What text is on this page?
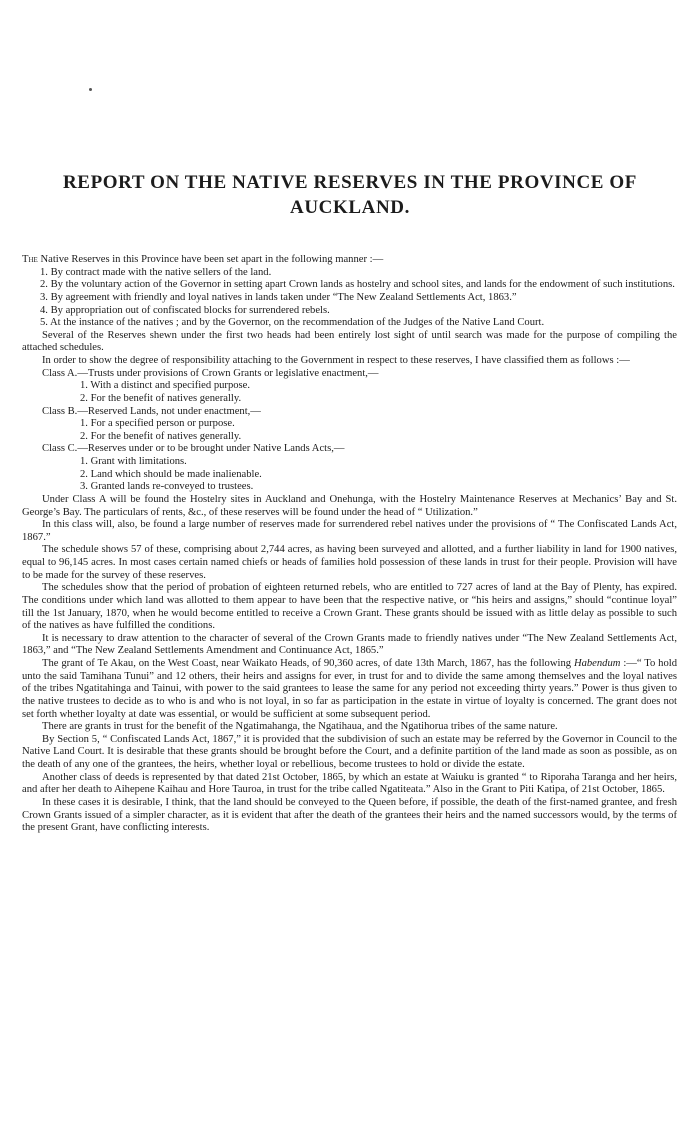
REPORT ON THE NATIVE RESERVES IN THE PROVINCE OF
AUCKLAND.

The Native Reserves in this Province have been set apart in the following manner :—

1. By contract made with the native sellers of the land.

2. By the voluntary action of the Governor in setting apart Crown lands as hostelry and school sites, and lands for the endowment of such institutions.

3. By agreement with friendly and loyal natives in lands taken under “The New Zealand Settlements Act, 1863.”

4. By appropriation out of confiscated blocks for surrendered rebels.

5. At the instance of the natives ; and by the Governor, on the recommendation of the Judges of the Native Land Court.

Several of the Reserves shewn under the first two heads had been entirely lost sight of until search was made for the purpose of compiling the attached schedules.

In order to show the degree of responsibility attaching to the Government in respect to these reserves, I have classified them as follows :—

Class A.—Trusts under provisions of Crown Grants or legislative enactment,—

1. With a distinct and specified purpose.

2. For the benefit of natives generally.

Class B.—Reserved Lands, not under enactment,—

1. For a specified person or purpose.

2. For the benefit of natives generally.

Class C.—Reserves under or to be brought under Native Lands Acts,—

1. Grant with limitations.

2. Land which should be made inalienable.

3. Granted lands re-conveyed to trustees.

Under Class A will be found the Hostelry sites in Auckland and Onehunga, with the Hostelry Maintenance Reserves at Mechanics’ Bay and St. George’s Bay. The particulars of rents, &c., of these reserves will be found under the head of “ Utilization.”

In this class will, also, be found a large number of reserves made for surrendered rebel natives under the provisions of “ The Confiscated Lands Act, 1867.”

The schedule shows 57 of these, comprising about 2,744 acres, as having been surveyed and allotted, and a further liability in land for 1900 natives, equal to 96,145 acres. In most cases certain named chiefs or heads of families hold possession of these lands in trust for their people. Provision will have to be made for the survey of these reserves.

The schedules show that the period of probation of eighteen returned rebels, who are entitled to 727 acres of land at the Bay of Plenty, has expired. The conditions under which land was allotted to them appear to have been that the respective native, or “his heirs and assigns,” should “continue loyal” till the 1st January, 1870, when he would become entitled to receive a Crown Grant. These grants should be issued with as little delay as possible to such of the natives as have fulfilled the conditions.

It is necessary to draw attention to the character of several of the Crown Grants made to friendly natives under “The New Zealand Settlements Act, 1863,” and “The New Zealand Settlements Amendment and Continuance Act, 1865.”

The grant of Te Akau, on the West Coast, near Waikato Heads, of 90,360 acres, of date 13th March, 1867, has the following Habendum :—“ To hold unto the said Tamihana Tunui” and 12 others, their heirs and assigns for ever, in trust for and to divide the same among themselves and the loyal natives of the tribes Ngatitahinga and Tainui, with power to the said grantees to lease the same for any period not exceeding thirty years.” Power is thus given to the native trustees to decide as to who is and who is not loyal, in so far as participation in the estate in virtue of loyalty is concerned. The grant does not set forth whether loyalty at date was essential, or would be sufficient at some subsequent period.

There are grants in trust for the benefit of the Ngatimahanga, the Ngatihaua, and the Ngatihorua tribes of the same nature.

By Section 5, “ Confiscated Lands Act, 1867,” it is provided that the subdivision of such an estate may be referred by the Governor in Council to the Native Land Court. It is desirable that these grants should be brought before the Court, and a definite partition of the land made as soon as possible, as on the death of any one of the grantees, the heirs, whether loyal or rebellious, become trustees to hold or divide the estate.

Another class of deeds is represented by that dated 21st October, 1865, by which an estate at Waiuku is granted “ to Riporaha Taranga and her heirs, and after her death to Aihepene Kaihau and Hore Tauroa, in trust for the tribe called Ngatiteata.” Also in the Grant to Piti Katipa, of 21st October, 1865.

In these cases it is desirable, I think, that the land should be conveyed to the Queen before, if possible, the death of the first-named grantee, and fresh Crown Grants issued of a simpler character, as it is evident that after the death of the grantees their heirs and the named successors would, by the terms of the present Grant, have conflicting interests.
